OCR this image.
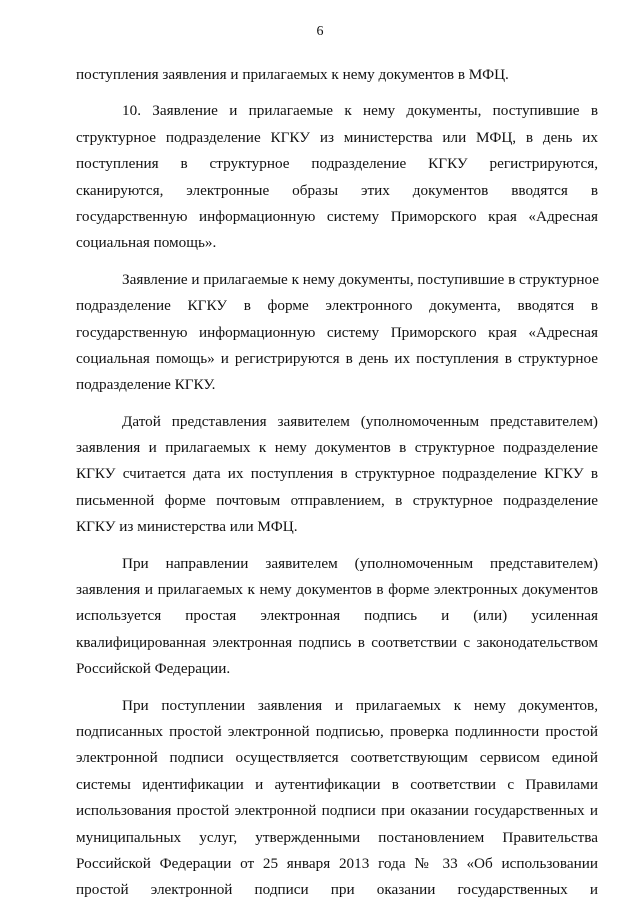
6
поступления заявления и прилагаемых к нему документов в МФЦ.
10. Заявление и прилагаемые к нему документы, поступившие в
структурное подразделение КГКУ из министерства или МФЦ, в день их
поступления в структурное подразделение КГКУ регистрируются,
сканируются, электронные образы этих документов вводятся в
государственную информационную систему Приморского края «Адресная
социальная помощь».
Заявление и прилагаемые к нему документы, поступившие в структурное
подразделение КГКУ в форме электронного документа, вводятся в
государственную информационную систему Приморского края «Адресная
социальная помощь» и регистрируются в день их поступления в структурное
подразделение КГКУ.
Датой представления заявителем (уполномоченным представителем)
заявления и прилагаемых к нему документов в структурное подразделение
КГКУ считается дата их поступления в структурное подразделение КГКУ в
письменной форме почтовым отправлением, в структурное подразделение
КГКУ из министерства или МФЦ.
При направлении заявителем (уполномоченным представителем)
заявления и прилагаемых к нему документов в форме электронных документов
используется простая электронная подпись и (или) усиленная
квалифицированная электронная подпись в соответствии с законодательством
Российской Федерации.
При поступлении заявления и прилагаемых к нему документов,
подписанных простой электронной подписью, проверка подлинности простой
электронной подписи осуществляется соответствующим сервисом единой
системы идентификации и аутентификации в соответствии с Правилами
использования простой электронной подписи при оказании государственных и
муниципальных услуг, утвержденными постановлением Правительства
Российской Федерации от 25 января 2013 года № 33 «Об использовании
простой электронной подписи при оказании государственных и
